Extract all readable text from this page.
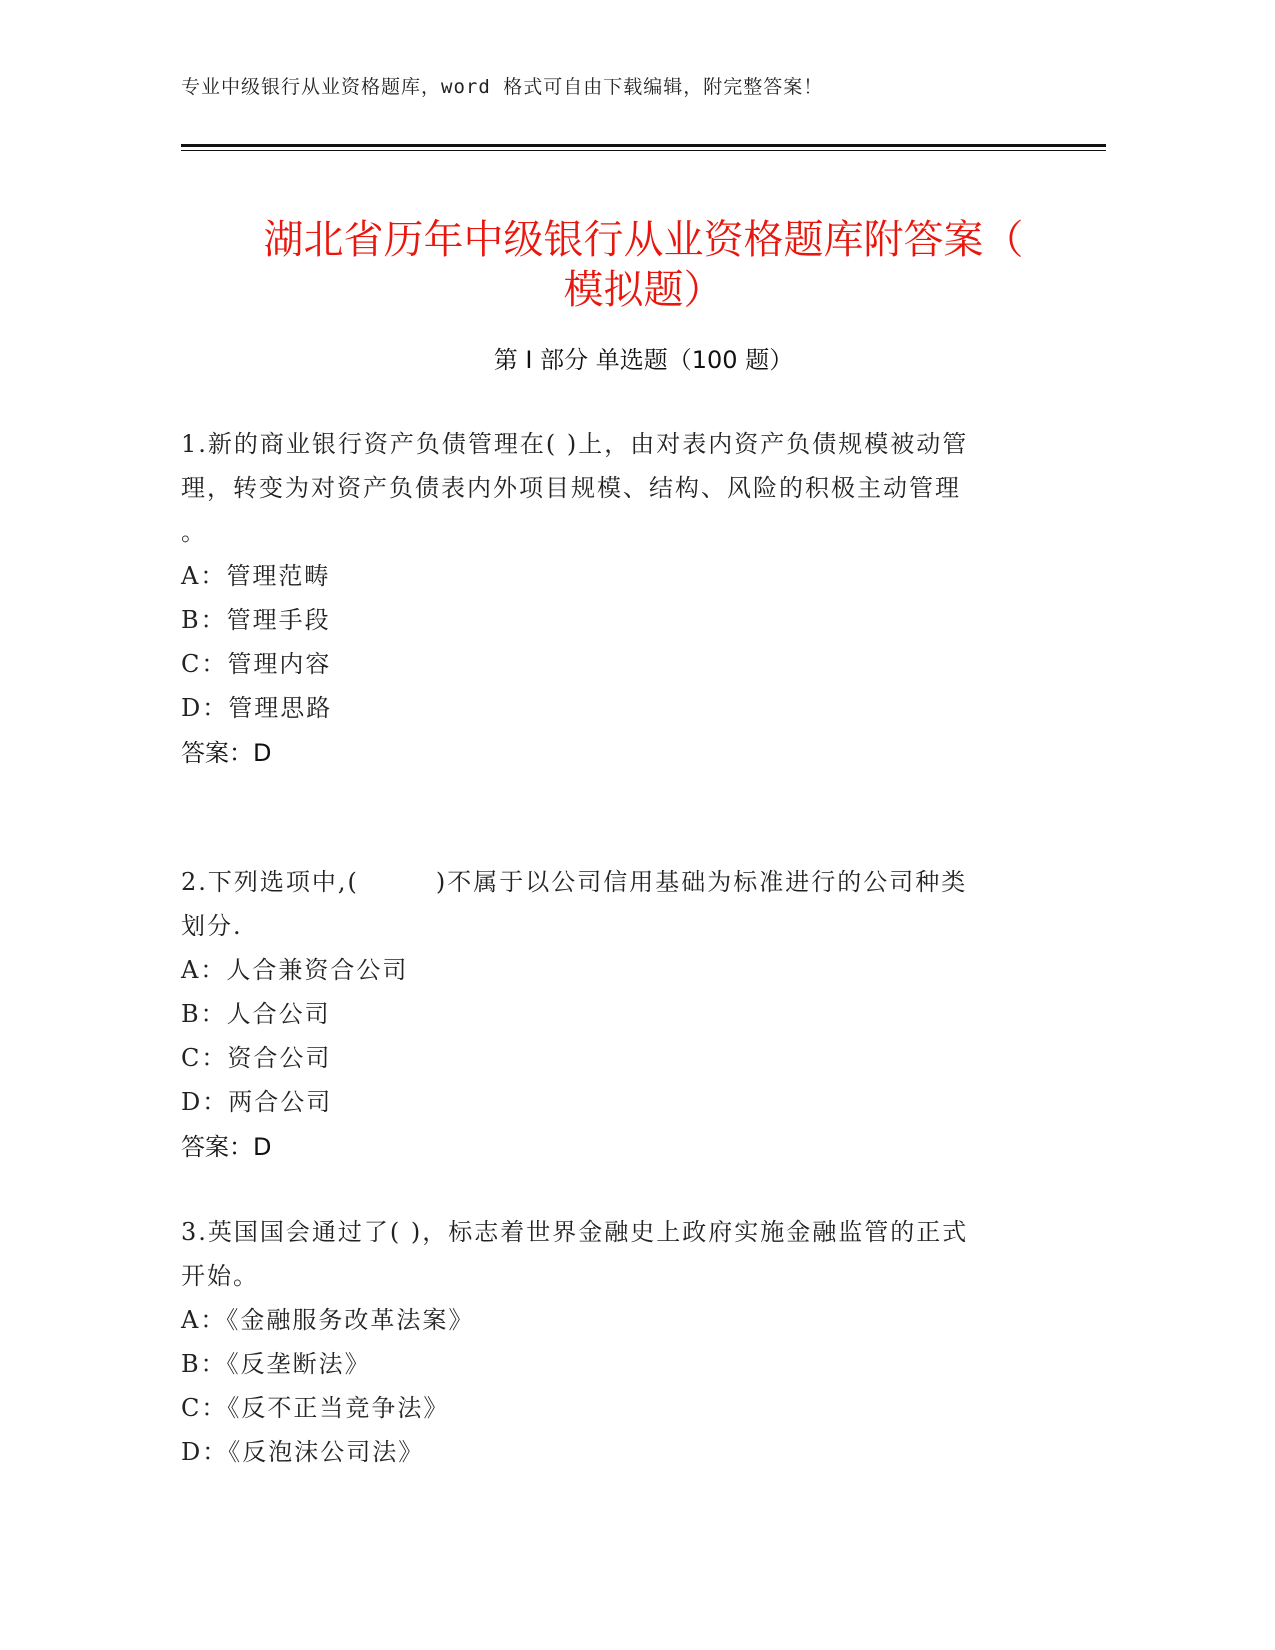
专业中级银行从业资格题库，word 格式可自由下载编辑，附完整答案！
湖北省历年中级银行从业资格题库附答案（
模拟题）
第 I 部分 单选题（100 题）

1.新的商业银行资产负债管理在( )上，由对表内资产负债规模被动管
理，转变为对资产负债表内外项目规模、结构、风险的积极主动管理
。

A：管理范畴
B：管理手段
C：管理内容
D：管理思路
答案：D

2.下列选项中,(        )不属于以公司信用基础为标准进行的公司种类
划分.

A：人合兼资合公司
B：人合公司
C：资合公司
D：两合公司
答案：D

3.英国国会通过了( )，标志着世界金融史上政府实施金融监管的正式
开始。

A：《金融服务改革法案》
B：《反垄断法》
C：《反不正当竞争法》
D：《反泡沫公司法》
